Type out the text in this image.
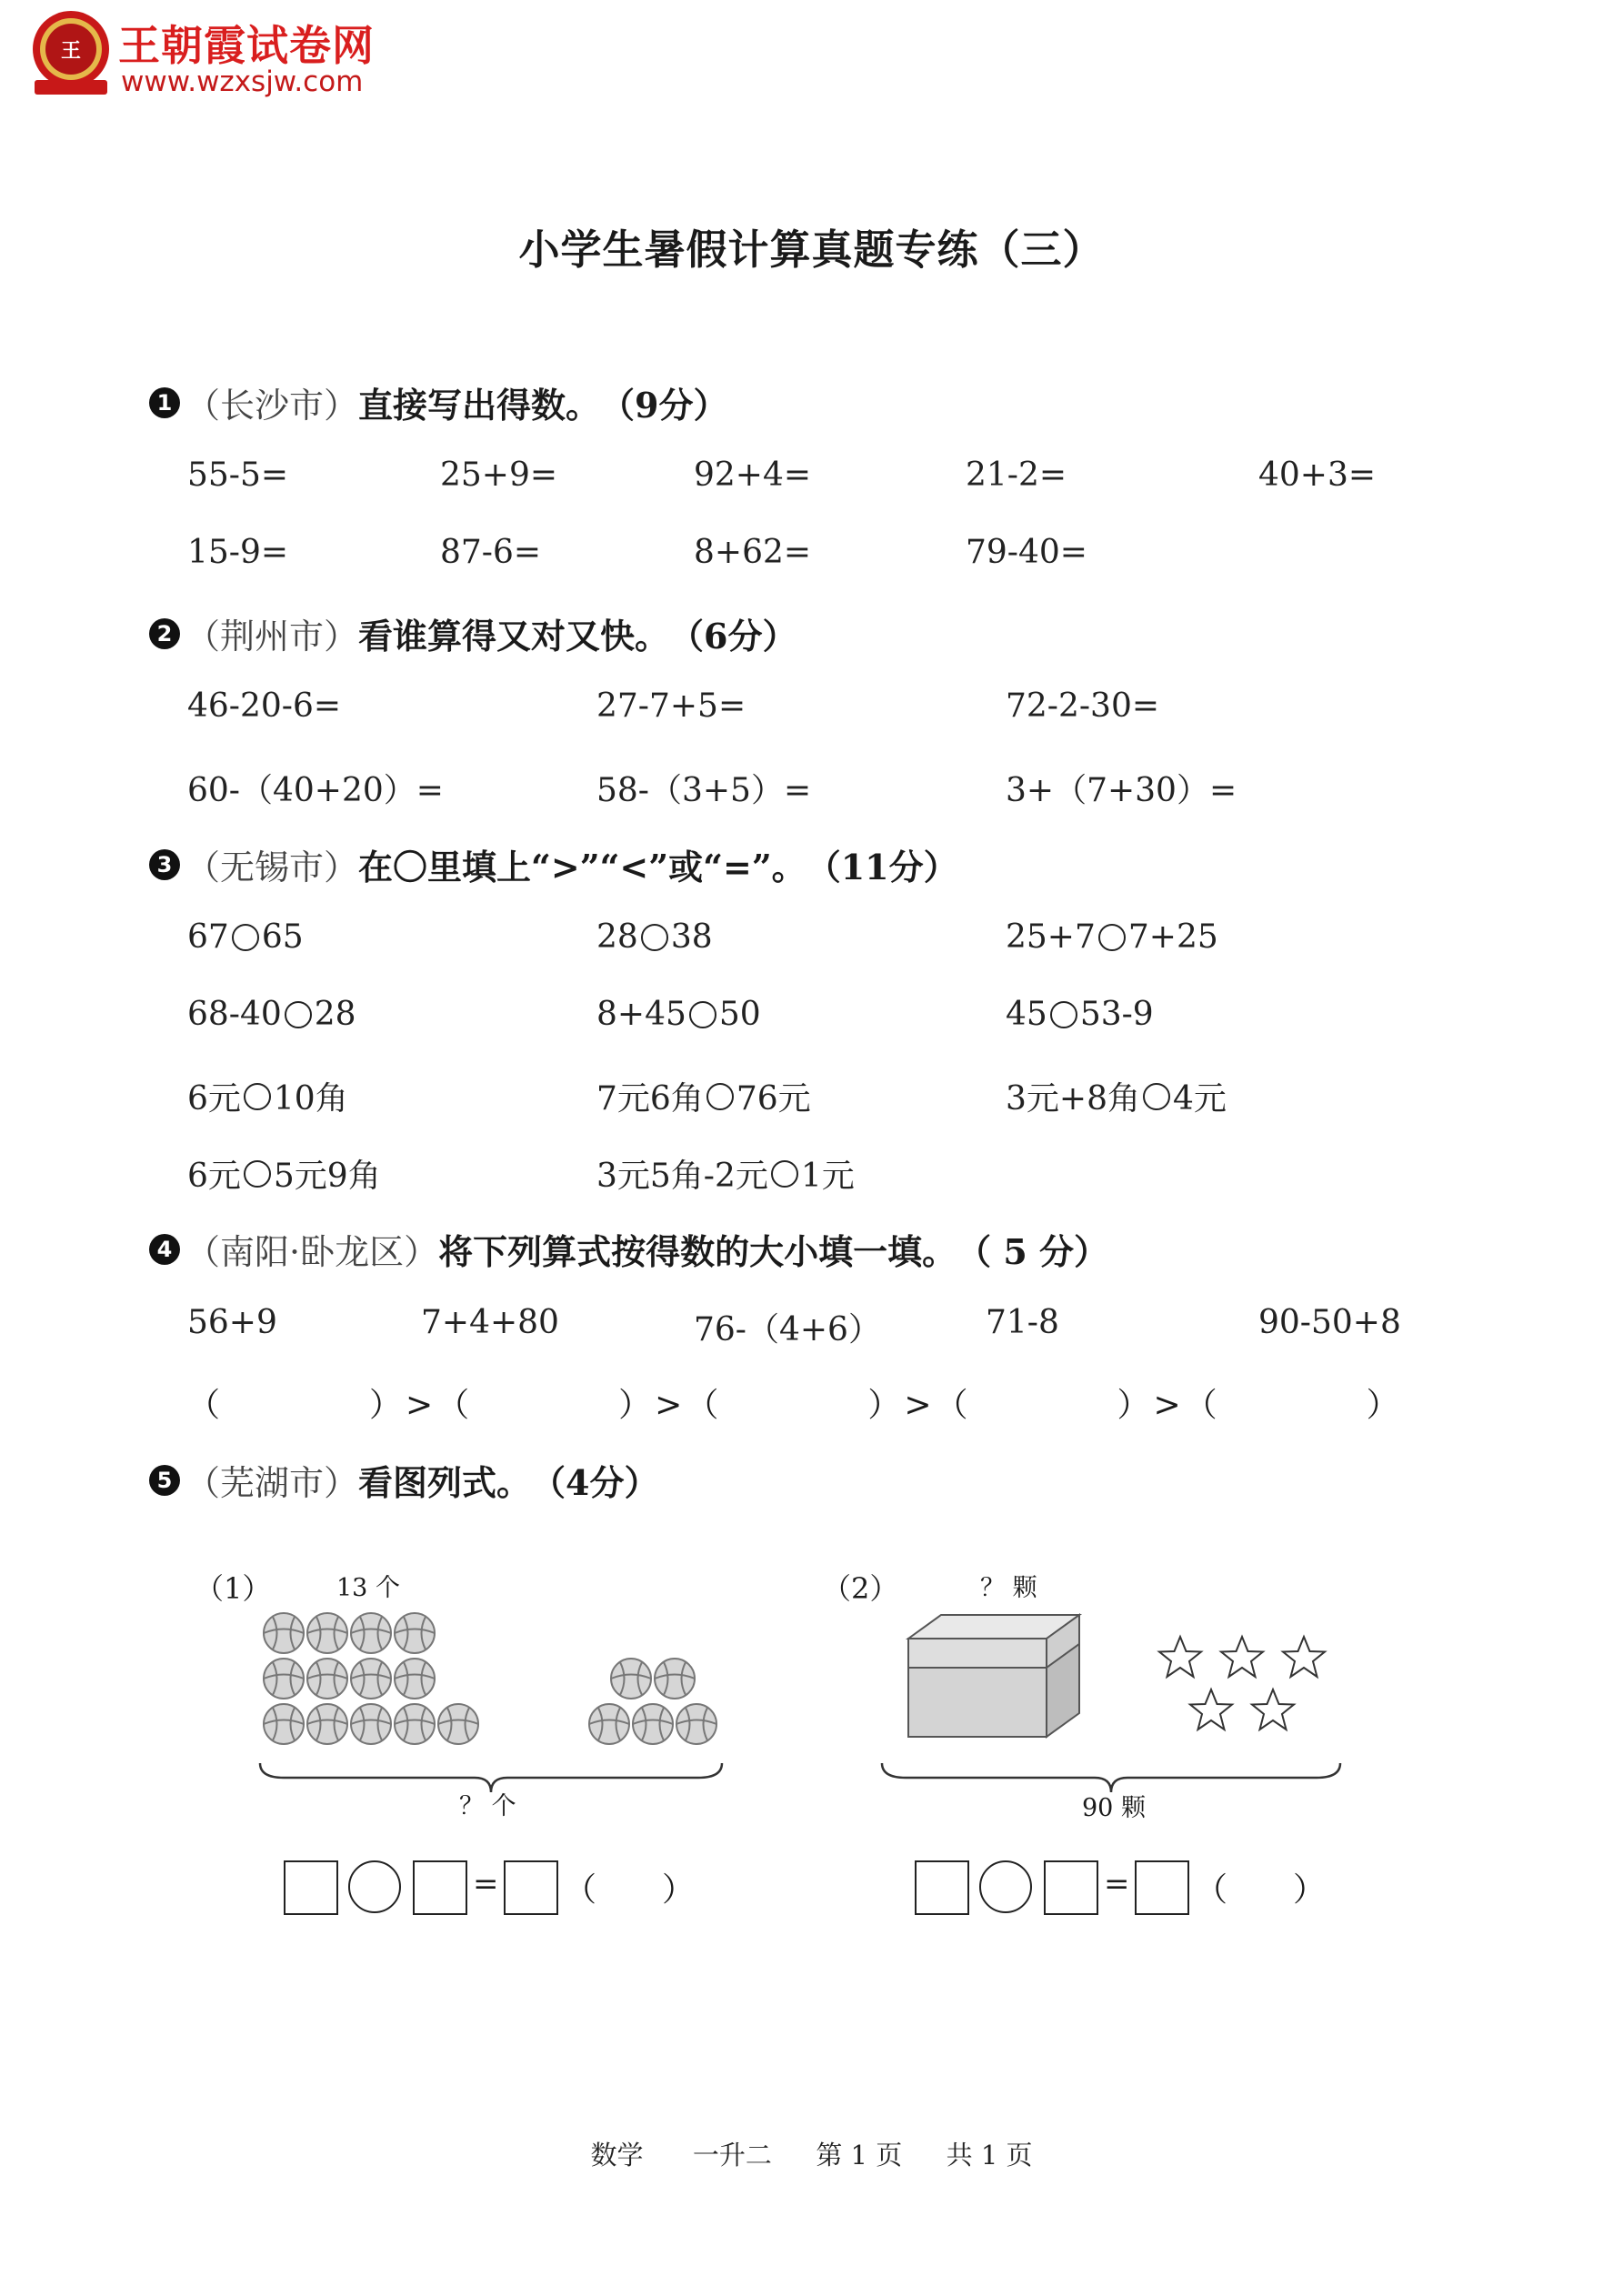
王 王朝霞试卷网
www.wzxsjw.com
小学生暑假计算真题专练（三）
1 （长沙市） 直接写出得数。 （9分）
55-5=	25+9=	92+4=	21-2=	40+3=
15-9=	87-6=	8+62=	79-40=
2 （荆州市） 看谁算得又对又快。 （6分）
46-20-6=	27-7+5=	72-2-30=
60-（40+20）=	58-（3+5）=	3+（7+30）=
3 （无锡市） 在〇里填上“>”“<”或“=”。 （11分）
67 65	28 38	25+7 7+25
68-40 28	8+45 50	45 53-9
6元 10角	7元6角 76元	3元+8角 4元
6元 5元9角	3元5角-2元 1元
4 （南阳·卧龙区） 将下列算式按得数的大小填一填。 （ 5 分）
56+9	7+4+80	76-（4+6）	71-8	90-50+8
（　　　　）>（　　　　）>（　　　　）>（　　　　）>（　　　　）
5 （芜湖市） 看图列式。 （4分）
（1）	13 个
？ 个
= （　　）
（2）	？ 颗
90 颗
= （　　）
数学 一升二 第 1 页 共 1 页
